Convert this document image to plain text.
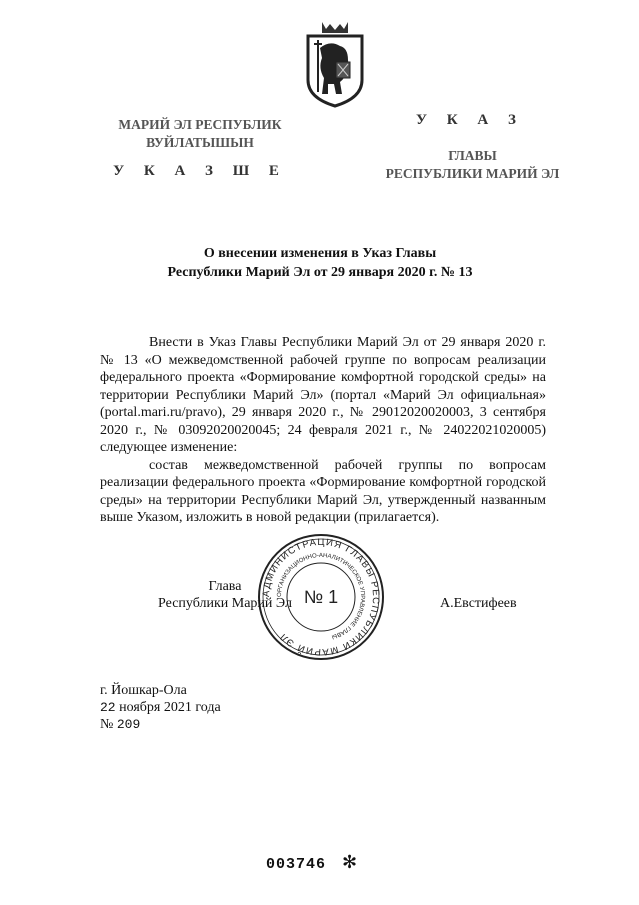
МАРИЙ ЭЛ РЕСПУБЛИК
ВУЙЛАТЫШЫН
У К А З Ш Е
У К А З
ГЛАВЫ
РЕСПУБЛИКИ МАРИЙ ЭЛ
О внесении изменения в Указ Главы
Республики Марий Эл от 29 января 2020 г. № 13

Внести в Указ Главы Республики Марий Эл от 29 января 2020 г. № 13 «О межведомственной рабочей группе по вопросам реализации федерального проекта «Формирование комфортной городской среды» на территории Республики Марий Эл» (портал «Марий Эл официальная» (portal.mari.ru/pravo), 29 января 2020 г., № 29012020020003, 3 сентября 2020 г., № 03092020020045; 24 февраля 2021 г., № 24022021020005) следующее изменение:

состав межведомственной рабочей группы по вопросам реализации федерального проекта «Формирование комфортной городской среды» на территории Республики Марий Эл, утвержденный названным выше Указом, изложить в новой редакции (прилагается).

АДМИНИСТРАЦИЯ ГЛАВЫ РЕСПУБЛИКИ МАРИЙ ЭЛ
ОРГАНИЗАЦИОННО-АНАЛИТИЧЕСКОЕ УПРАВЛЕНИЕ ГЛАВЫ
№ 1
Глава
Республики Марий Эл	А.Евстифеев
г. Йошкар-Ола
22 ноября 2021 года
№ 209
003746 ✻
